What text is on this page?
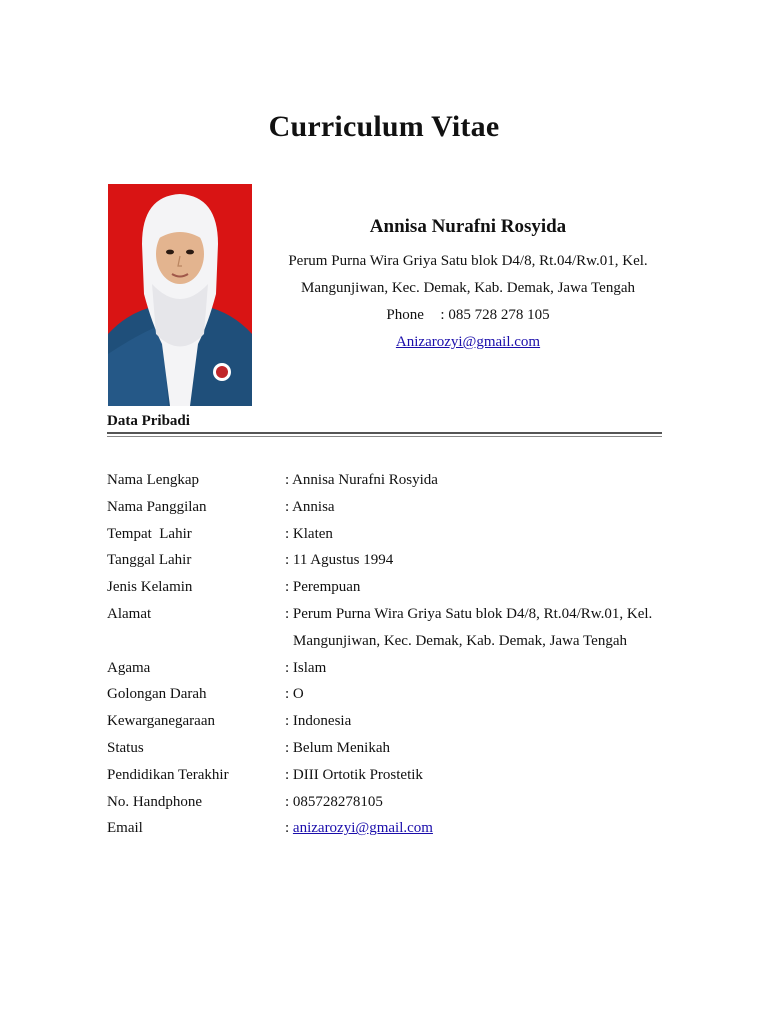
Curriculum Vitae
Annisa Nurafni Rosyida
Perum Purna Wira Griya Satu blok D4/8, Rt.04/Rw.01, Kel.
Mangunjiwan, Kec. Demak, Kab. Demak, Jawa Tengah
Phone : 085 728 278 105
Anizarozyi@gmail.com
Data Pribadi
Nama Lengkap	: Annisa Nurafni Rosyida
Nama Panggilan	: Annisa
Tempat  Lahir	: Klaten
Tanggal Lahir	: 11 Agustus 1994
Jenis Kelamin	: Perempuan
Alamat	: Perum Purna Wira Griya Satu blok D4/8, Rt.04/Rw.01, Kel.
Mangunjiwan, Kec. Demak, Kab. Demak, Jawa Tengah
Agama	: Islam
Golongan Darah	: O
Kewarganegaraan	: Indonesia
Status	: Belum Menikah
Pendidikan Terakhir	: DIII Ortotik Prostetik
No. Handphone	: 085728278105
Email	: anizarozyi@gmail.com
